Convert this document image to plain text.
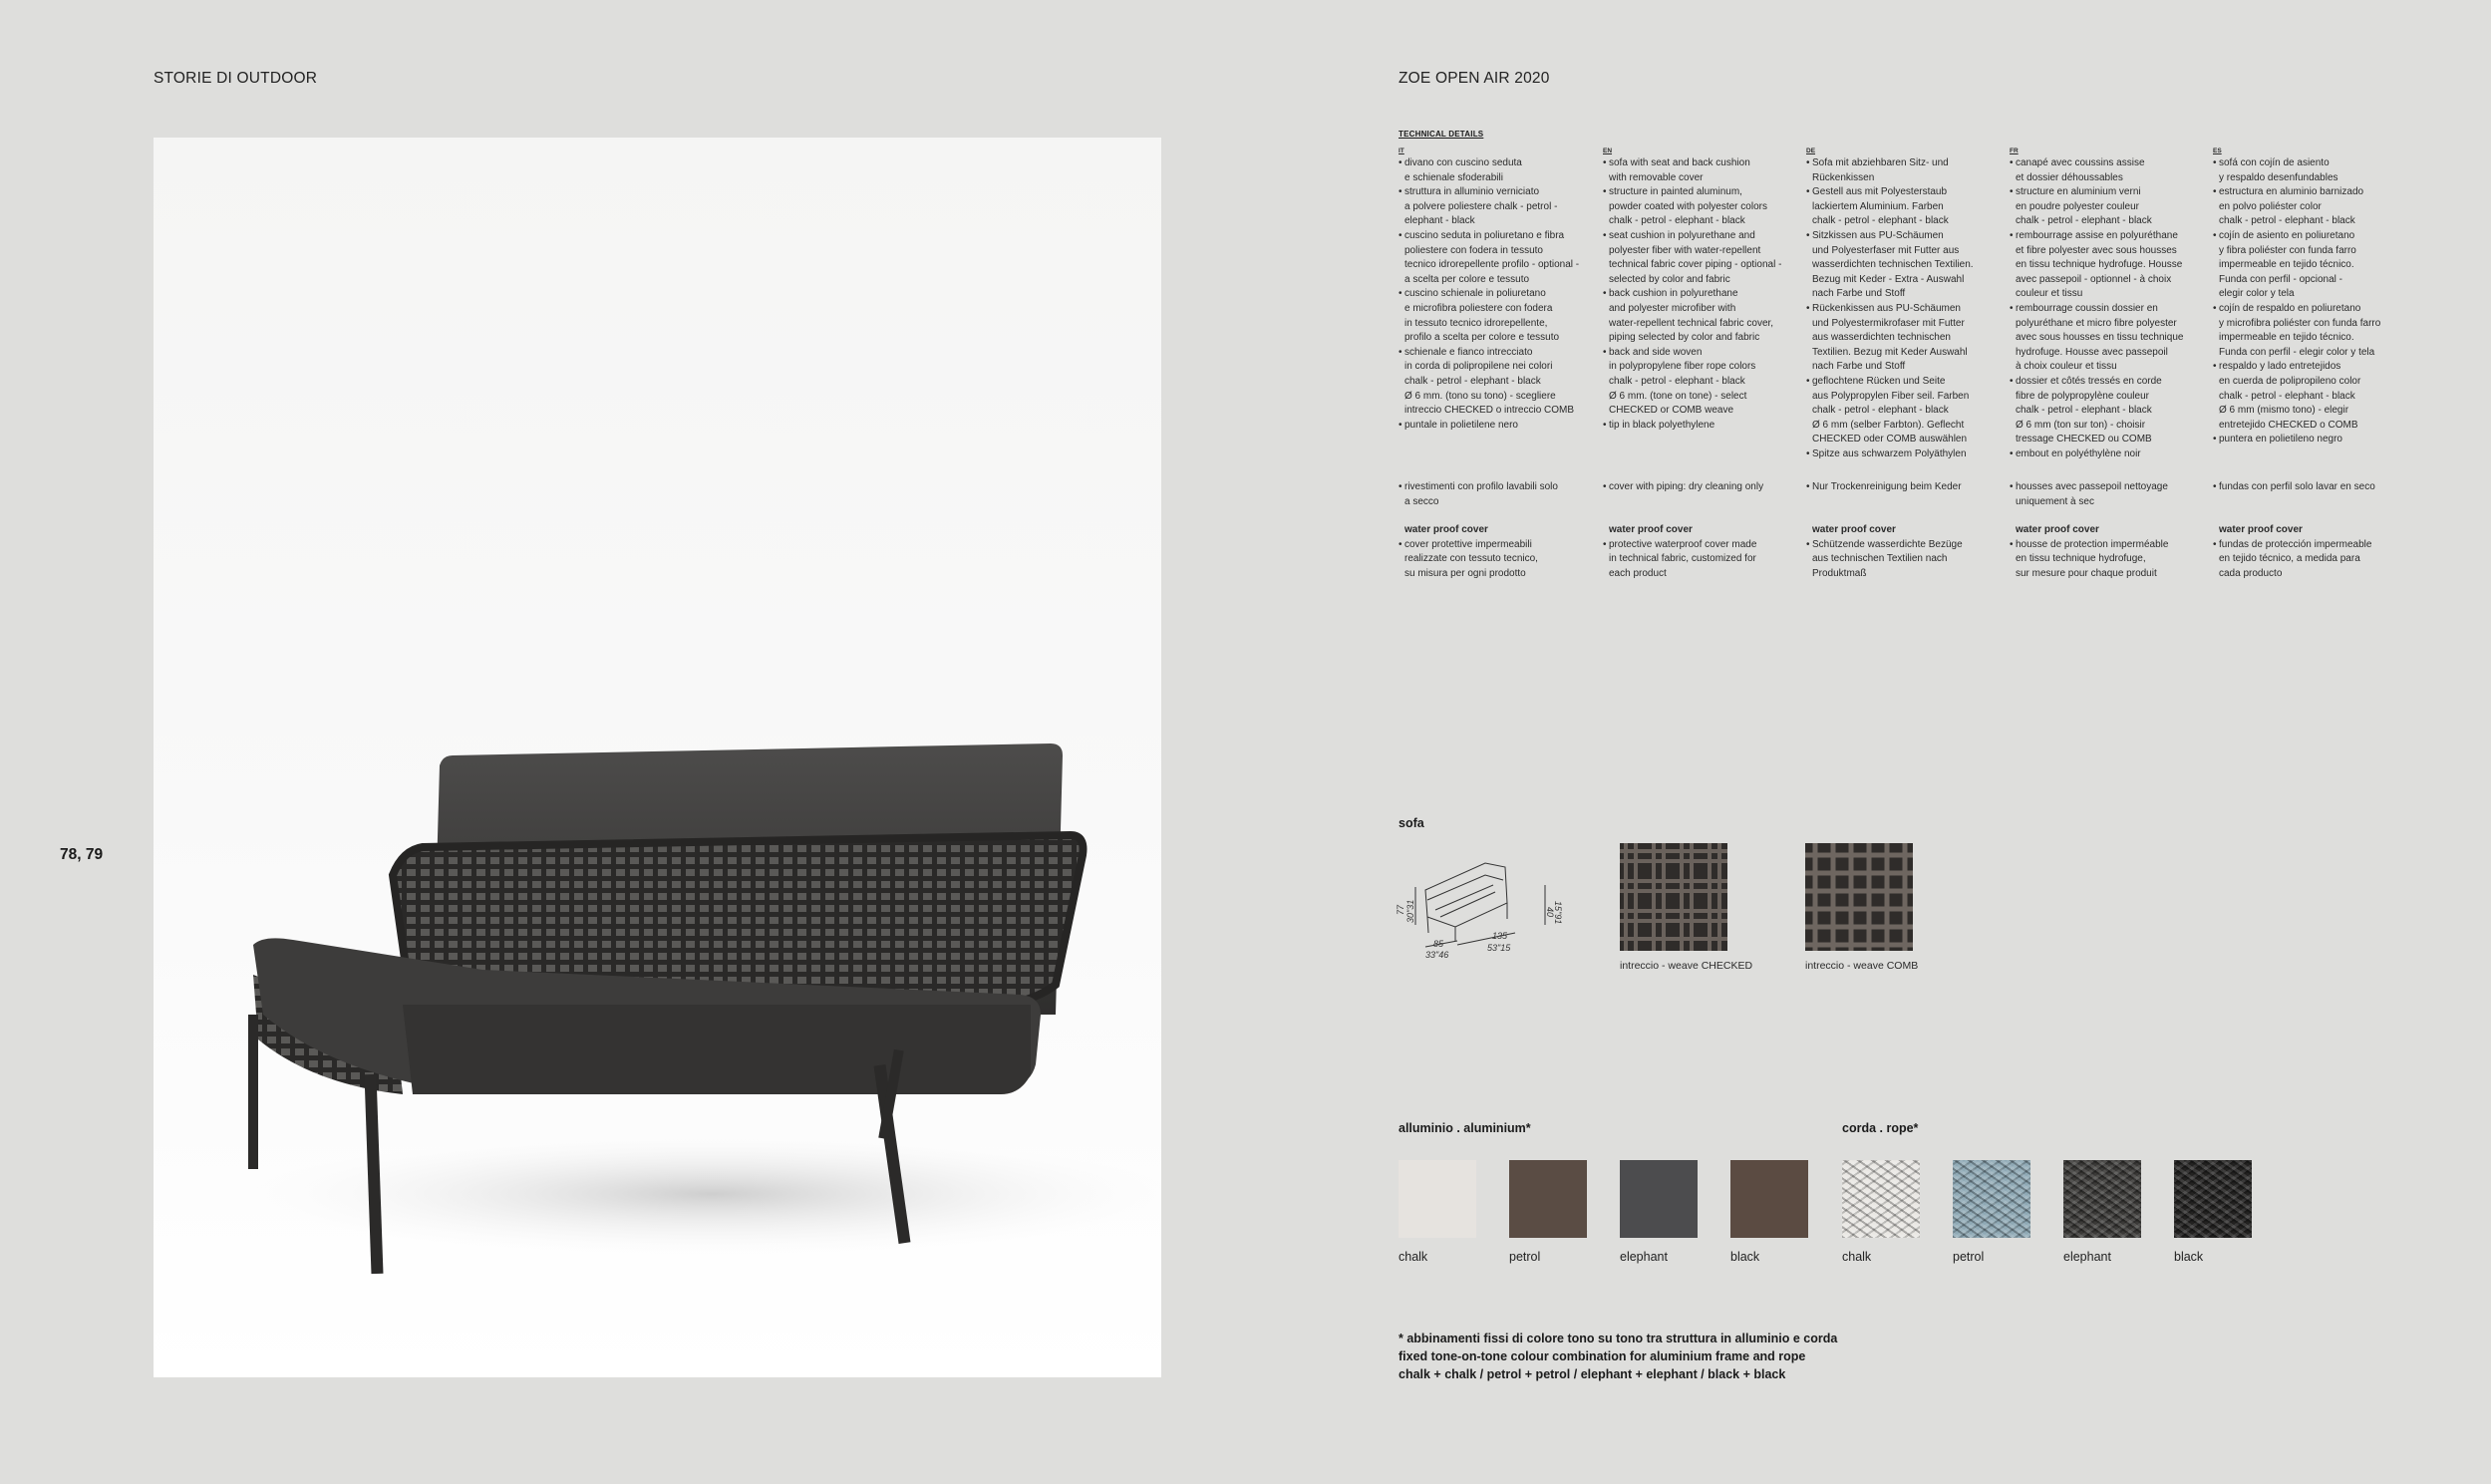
STORIE DI OUTDOOR	ZOE OPEN AIR 2020
78, 79
TECHNICAL DETAILS
IT
• divano con cuscino seduta
e schienale sfoderabili
• struttura in alluminio verniciato
a polvere poliestere chalk - petrol -
elephant - black
• cuscino seduta in poliuretano e fibra
poliestere con fodera in tessuto
tecnico idrorepellente profilo - optional -
a scelta per colore e tessuto
• cuscino schienale in poliuretano
e microfibra poliestere con fodera
in tessuto tecnico idrorepellente,
profilo a scelta per colore e tessuto
• schienale e fianco intrecciato
in corda di polipropilene nei colori
chalk - petrol - elephant - black
Ø 6 mm. (tono su tono) - scegliere
intreccio CHECKED o intreccio COMB
• puntale in polietilene nero
• rivestimenti con profilo lavabili solo
a secco
water proof cover
• cover protettive impermeabili
realizzate con tessuto tecnico,
su misura per ogni prodotto
EN
• sofa with seat and back cushion
with removable cover
• structure in painted aluminum,
powder coated with polyester colors
chalk - petrol - elephant - black
• seat cushion in polyurethane and
polyester fiber with water-repellent
technical fabric cover piping - optional -
selected by color and fabric
• back cushion in polyurethane
and polyester microfiber with
water-repellent technical fabric cover,
piping selected by color and fabric
• back and side woven
in polypropylene fiber rope colors
chalk - petrol - elephant - black
Ø 6 mm. (tone on tone) - select
CHECKED or COMB weave
• tip in black polyethylene
• cover with piping: dry cleaning only
water proof cover
• protective waterproof cover made
in technical fabric, customized for
each product
DE
• Sofa mit abziehbaren Sitz- und
Rückenkissen
• Gestell aus mit Polyesterstaub
lackiertem Aluminium. Farben
chalk - petrol - elephant - black
• Sitzkissen aus PU-Schäumen
und Polyesterfaser mit Futter aus
wasserdichten technischen Textilien.
Bezug mit Keder - Extra - Auswahl
nach Farbe und Stoff
• Rückenkissen aus PU-Schäumen
und Polyestermikrofaser mit Futter
aus wasserdichten technischen
Textilien. Bezug mit Keder Auswahl
nach Farbe und Stoff
• geflochtene Rücken und Seite
aus Polypropylen Fiber seil. Farben
chalk - petrol - elephant - black
Ø 6 mm (selber Farbton). Geflecht
CHECKED oder COMB auswählen
• Spitze aus schwarzem Polyäthylen
• Nur Trockenreinigung beim Keder
water proof cover
• Schützende wasserdichte Bezüge
aus technischen Textilien nach
Produktmaß
FR
• canapé avec coussins assise
et dossier déhoussables
• structure en aluminium verni
en poudre polyester couleur
chalk - petrol - elephant - black
• rembourrage assise en polyuréthane
et fibre polyester avec sous housses
en tissu technique hydrofuge. Housse
avec passepoil - optionnel - à choix
couleur et tissu
• rembourrage coussin dossier en
polyuréthane et micro fibre polyester
avec sous housses en tissu technique
hydrofuge. Housse avec passepoil
à choix couleur et tissu
• dossier et côtés tressés en corde
fibre de polypropylène couleur
chalk - petrol - elephant - black
Ø 6 mm (ton sur ton) - choisir
tressage CHECKED ou COMB
• embout en polyéthylène noir
• housses avec passepoil nettoyage
uniquement à sec
water proof cover
• housse de protection imperméable
en tissu technique hydrofuge,
sur mesure pour chaque produit
ES
• sofá con cojín de asiento
y respaldo desenfundables
• estructura en aluminio barnizado
en polvo poliéster color
chalk - petrol - elephant - black
• cojín de asiento en poliuretano
y fibra poliéster con funda farro
impermeable en tejido técnico.
Funda con perfil - opcional -
elegir color y tela
• cojín de respaldo en poliuretano
y microfibra poliéster con funda farro
impermeable en tejido técnico.
Funda con perfil - elegir color y tela
• respaldo y lado entretejidos
en cuerda de polipropileno color
chalk - petrol - elephant - black
Ø 6 mm (mismo tono) - elegir
entretejido CHECKED o COMB
• puntera en polietileno negro
• fundas con perfil solo lavar en seco
water proof cover
• fundas de protección impermeable
en tejido técnico, a medida para
cada producto
sofa
77 30"31	40
15"91
85
33"46
135
53"15
intreccio - weave CHECKED	intreccio - weave COMB
alluminio . aluminium*
chalk	petrol	elephant	black
corda . rope*
chalk	petrol	elephant	black
* abbinamenti fissi di colore tono su tono tra struttura in alluminio e corda
fixed tone-on-tone colour combination for aluminium frame and rope
chalk + chalk / petrol + petrol / elephant + elephant / black + black
